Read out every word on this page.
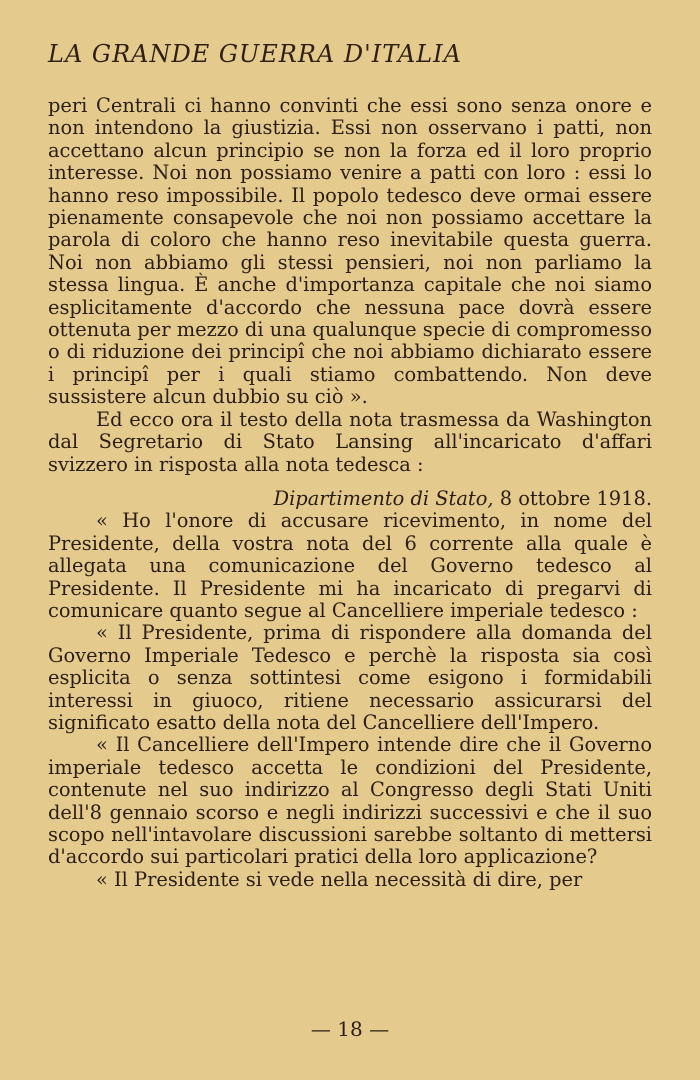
LA GRANDE GUERRA D'ITALIA

peri Centrali ci hanno convinti che essi sono senza onore e non intendono la giustizia. Essi non osservano i patti, non accettano alcun principio se non la forza ed il loro proprio interesse. Noi non possiamo venire a patti con loro : essi lo hanno reso impossibile. Il popolo tedesco deve ormai essere pienamente consapevole che noi non possiamo accettare la parola di coloro che hanno reso inevitabile questa guerra. Noi non abbiamo gli stessi pensieri, noi non parliamo la stessa lingua. È anche d'importanza capitale che noi siamo esplicitamente d'accordo che nessuna pace dovrà essere ottenuta per mezzo di una qualunque specie di compromesso o di riduzione dei principî che noi abbiamo dichiarato essere i principî per i quali stiamo combattendo. Non deve sussistere alcun dubbio su ciò ».

Ed ecco ora il testo della nota trasmessa da Washington dal Segretario di Stato Lansing all'incaricato d'affari svizzero in risposta alla nota tedesca :

Dipartimento di Stato, 8 ottobre 1918.

« Ho l'onore di accusare ricevimento, in nome del Presidente, della vostra nota del 6 corrente alla quale è allegata una comunicazione del Governo tedesco al Presidente. Il Presidente mi ha incaricato di pregarvi di comunicare quanto segue al Cancelliere imperiale tedesco :

« Il Presidente, prima di rispondere alla domanda del Governo Imperiale Tedesco e perchè la risposta sia così esplicita o senza sottintesi come esigono i formidabili interessi in giuoco, ritiene necessario assicurarsi del significato esatto della nota del Cancelliere dell'Impero.

« Il Cancelliere dell'Impero intende dire che il Governo imperiale tedesco accetta le condizioni del Presidente, contenute nel suo indirizzo al Congresso degli Stati Uniti dell'8 gennaio scorso e negli indirizzi successivi e che il suo scopo nell'intavolare discussioni sarebbe soltanto di mettersi d'accordo sui particolari pratici della loro applicazione?

« Il Presidente si vede nella necessità di dire, per

— 18 —
